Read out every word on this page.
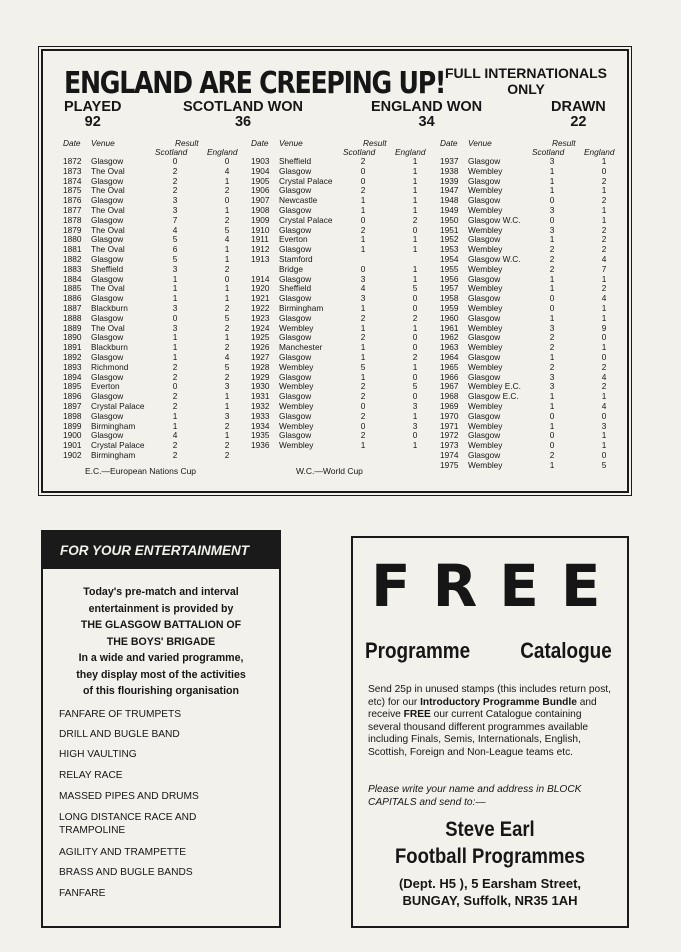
ENGLAND ARE CREEPING UP! FULL INTERNATIONALS
ONLY
PLAYED
92
SCOTLAND WON
36
ENGLAND WON
34
DRAWN
22
Date Venue	Result
Scotland England
1872 Glasgow	0	0
1873 The Oval	2	4
1874 Glasgow	2	1
1875 The Oval	2	2
1876 Glasgow	3	0
1877 The Oval	3	1
1878 Glasgow	7	2
1879 The Oval	4	5
1880 Glasgow	5	4
1881 The Oval	6	1
1882 Glasgow	5	1
1883 Sheffield	3	2
1884 Glasgow	1	0
1885 The Oval	1	1
1886 Glasgow	1	1
1887 Blackburn	3	2
1888 Glasgow	0	5
1889 The Oval	3	2
1890 Glasgow	1	1
1891 Blackburn	1	2
1892 Glasgow	1	4
1893 Richmond	2	5
1894 Glasgow	2	2
1895 Everton	0	3
1896 Glasgow	2	1
1897 Crystal Palace	2	1
1898 Glasgow	1	3
1899 Birmingham	1	2
1900 Glasgow	4	1
1901 Crystal Palace	2	2
1902 Birmingham	2	2
Date Venue	Result
Scotland England
1903 Sheffield	2	1
1904 Glasgow	0	1
1905 Crystal Palace	0	1
1906 Glasgow	2	1
1907 Newcastle	1	1
1908 Glasgow	1	1
1909 Crystal Palace	0	2
1910 Glasgow	2	0
1911 Everton	1	1
1912 Glasgow	1	1
1913 Stamford
Bridge	0	1
1914 Glasgow	3	1
1920 Sheffield	4	5
1921 Glasgow	3	0
1922 Birmingham	1	0
1923 Glasgow	2	2
1924 Wembley	1	1
1925 Glasgow	2	0
1926 Manchester	1	0
1927 Glasgow	1	2
1928 Wembley	5	1
1929 Glasgow	1	0
1930 Wembley	2	5
1931 Glasgow	2	0
1932 Wembley	0	3
1933 Glasgow	2	1
1934 Wembley	0	3
1935 Glasgow	2	0
1936 Wembley	1	1
Date Venue	Result
Scotland England
1937 Glasgow	3	1
1938 Wembley	1	0
1939 Glasgow	1	2
1947 Wembley	1	1
1948 Glasgow	0	2
1949 Wembley	3	1
1950 Glasgow W.C.	0	1
1951 Wembley	3	2
1952 Glasgow	1	2
1953 Wembley	2	2
1954 Glasgow W.C.	2	4
1955 Wembley	2	7
1956 Glasgow	1	1
1957 Wembley	1	2
1958 Glasgow	0	4
1959 Wembley	0	1
1960 Glasgow	1	1
1961 Wembley	3	9
1962 Glasgow	2	0
1963 Wembley	2	1
1964 Glasgow	1	0
1965 Wembley	2	2
1966 Glasgow	3	4
1967 Wembley E.C.	3	2
1968 Glasgow E.C.	1	1
1969 Wembley	1	4
1970 Glasgow	0	0
1971 Wembley	1	3
1972 Glasgow	0	1
1973 Wembley	0	1
1974 Glasgow	2	0
1975 Wembley	1	5
E.C.—European Nations Cup	W.C.—World Cup
FOR YOUR ENTERTAINMENT
Today's pre-match and interval
entertainment is provided by
THE GLASGOW BATTALION OF
THE BOYS' BRIGADE
In a wide and varied programme,
they display most of the activities
of this flourishing organisation
FANFARE OF TRUMPETS
DRILL AND BUGLE BAND
HIGH VAULTING
RELAY RACE
MASSED PIPES AND DRUMS
LONG DISTANCE RACE AND TRAMPOLINE
AGILITY AND TRAMPETTE
BRASS AND BUGLE BANDS
FANFARE
FREE
Programme Catalogue
Send 25p in unused stamps (this includes return post, etc) for our Introductory Programme Bundle and receive FREE our current Catalogue containing several thousand different programmes available including Finals, Semis, Internationals, English, Scottish, Foreign and Non-League teams etc.
Please write your name and address in BLOCK CAPITALS and send to:—
Steve Earl
Football Programmes
(Dept. H5 ), 5 Earsham Street,
BUNGAY, Suffolk, NR35 1AH
